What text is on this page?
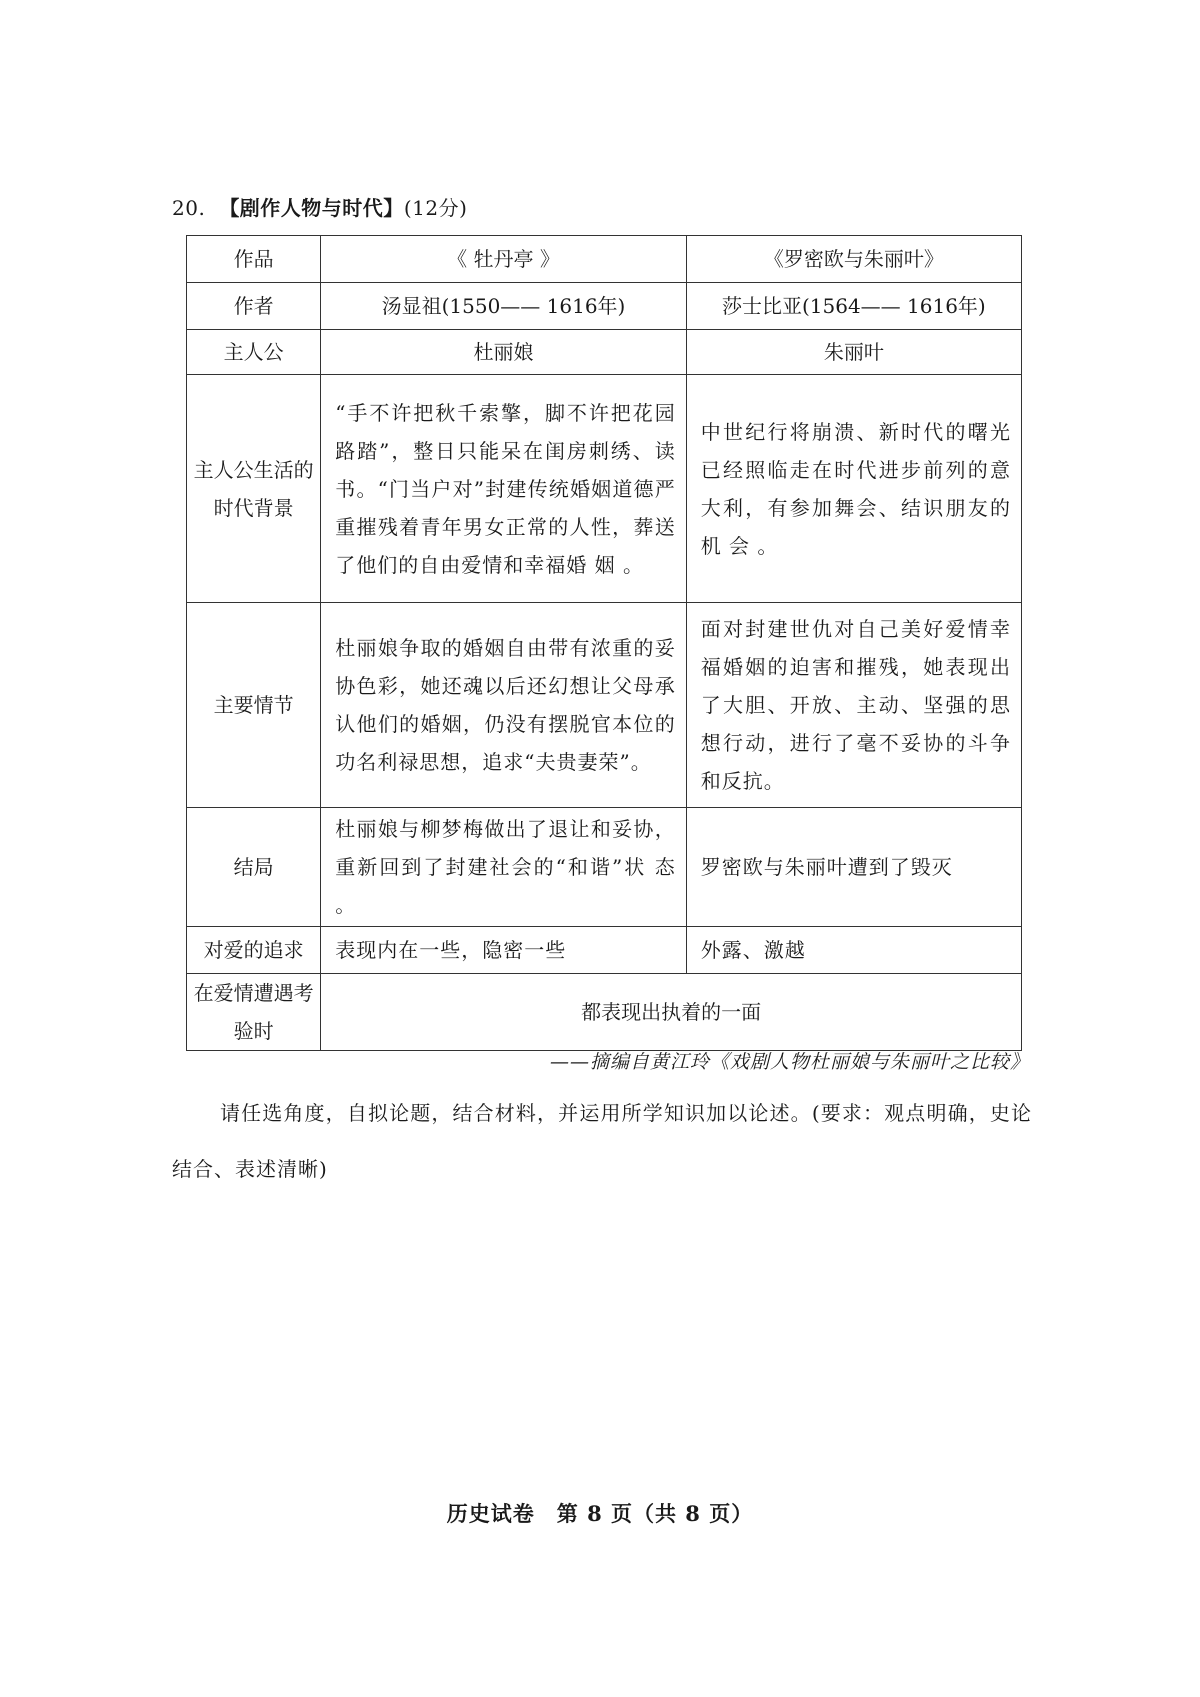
20. 【剧作人物与时代】(12分)
作品	《 牡丹亭 》	《罗密欧与朱丽叶》
作者	汤显祖(1550—— 1616年)	莎士比亚(1564—— 1616年)
主人公	杜丽娘	朱丽叶
主人公生活的时代背景	“手不许把秋千索擎，脚不许把花园路踏”，整日只能呆在闺房刺绣、读书。“门当户对”封建传统婚姻道德严重摧残着青年男女正常的人性，葬送了他们的自由爱情和幸福婚 姻 。	中世纪行将崩溃、新时代的曙光已经照临走在时代进步前列的意大利，有参加舞会、结识朋友的机 会 。
主要情节	杜丽娘争取的婚姻自由带有浓重的妥协色彩，她还魂以后还幻想让父母承认他们的婚姻，仍没有摆脱官本位的功名利禄思想，追求“夫贵妻荣”。	面对封建世仇对自己美好爱情幸福婚姻的迫害和摧残，她表现出了大胆、开放、主动、坚强的思想行动，进行了毫不妥协的斗争和反抗。
结局	杜丽娘与柳梦梅做出了退让和妥协，重新回到了封建社会的“和谐”状 态 。	罗密欧与朱丽叶遭到了毁灭
对爱的追求	表现内在一些，隐密一些	外露、激越
在爱情遭遇考验时	都表现出执着的一面	
——摘编自黄江玲《戏剧人物杜丽娘与朱丽叶之比较》
请任选角度，自拟论题，结合材料，并运用所学知识加以论述。(要求：观点明确，史论结合、表述清晰)
历史试卷　第 8 页（共 8 页）
